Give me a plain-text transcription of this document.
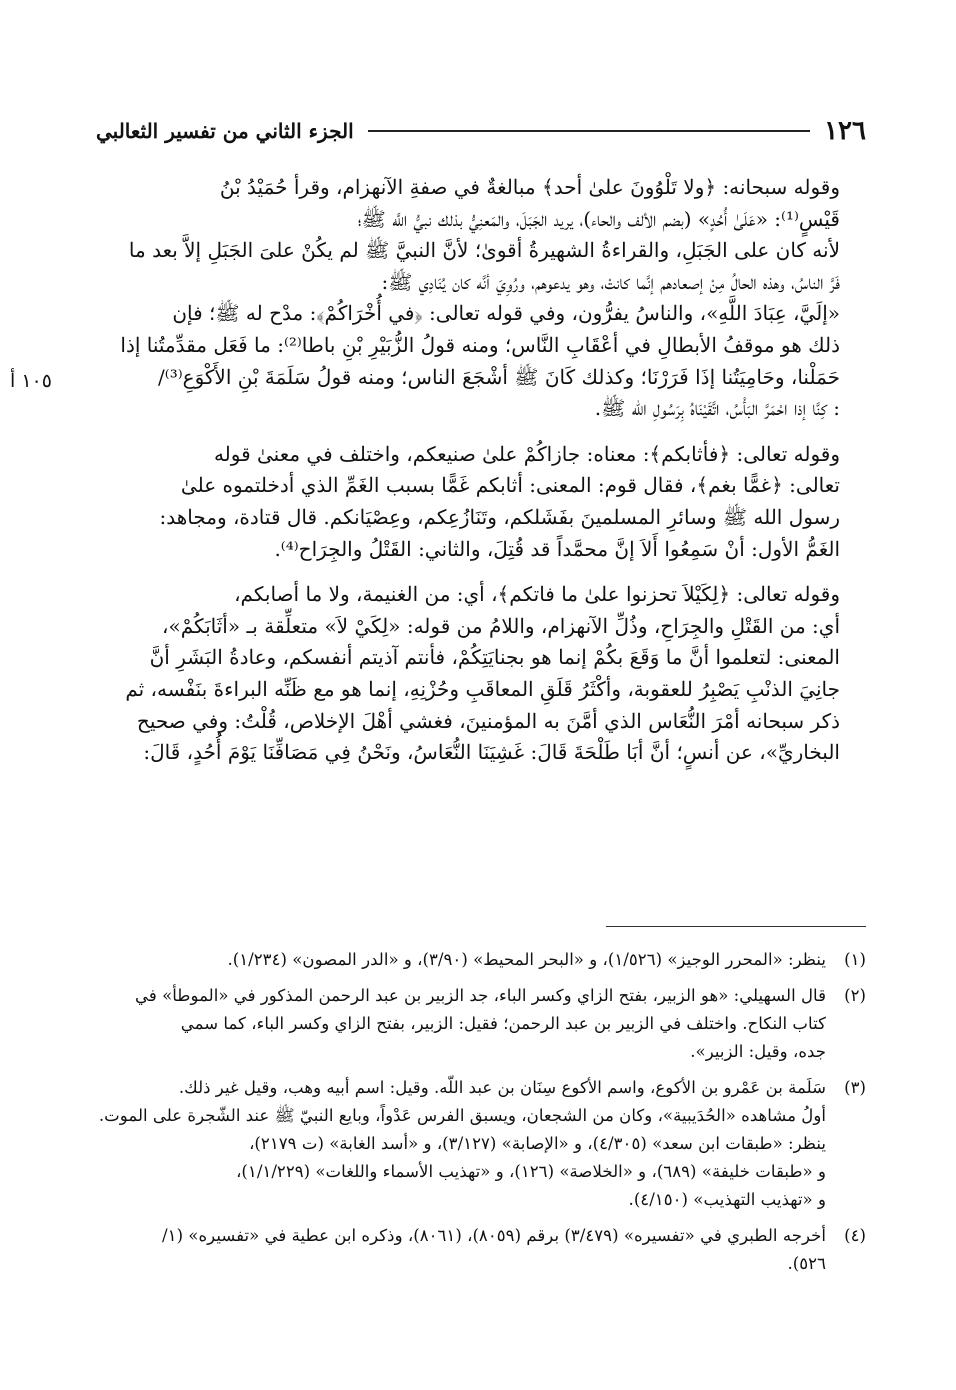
١٢٦
الجزء الثاني من تفسير الثعالبي
١٠٥ أ

وقوله سبحانه: ﴿ولا تَلْوُونَ علىٰ أحد﴾ مبالغةٌ في صفةِ الآنهزام، وقرأ حُمَيْدُ بْنُ

قَيْسٍ⁽¹⁾: «عَلَىٰ أُحُدٍ» (بضم الألف والحاء)، يريد الجَبَلَ، والمَعنِيُّ بذلك نبيُّ اللَّه ﷺ؛

لأنه كان على الجَبَلِ، والقراءةُ الشهيرةُ أقوىٰ؛ لأنَّ النبيَّ ﷺ لم يكُنْ علىَ الجَبَلِ إلاَّ بعد ما

فَرَّ الناسُ، وهذه الحالُ مِنْ إصعادهم إنَّما كانتْ، وهو يدعوهم، ورُوِيَ أنَّه كان يُنَادِي ﷺ:

«إلَيَّ، عِبَادَ اللَّهِ»، والناسُ يفرُّون، وفي قوله تعالى: ﴿في أُخْرَاكُمْ﴾: مدْح له ﷺ؛ فإن

ذلك هو موقفُ الأبطالِ في أعْقَابِ النَّاس؛ ومنه قولُ الزُّبَيْرِ بْنِ باطا⁽²⁾: ما فَعَل مقدِّمتُنا إذا

حَمَلْنا، وحَامِيَتُنا إذَا فَرَرْنَا؛ وكذلك كَانَ ﷺ أشْجَعَ الناس؛ ومنه قولُ سَلَمَةَ بْنِ الأَكْوَعِ⁽³⁾/

: كِنَّا إذا احْمَرَّ البَأْسُ، اتَّقَيْنَاهُ بِرَسُولِ الله ﷺ.

وقوله تعالى: ﴿فأثابكم﴾: معناه: جازاكُمْ علىٰ صنيعكم، واختلف في معنىٰ قوله

تعالى: ﴿غمًّا بغم﴾، فقال قوم: المعنى: أثابكم غَمًّا بسبب الغَمِّ الذي أدخلتموه علىٰ

رسول الله ﷺ وسائرِ المسلمينَ بفَشَلكم، وتَنَازُعِكم، وعِصْيَانكم. قال قتادة، ومجاهد:

الغَمُّ الأول: أنْ سَمِعُوا أَلاَ إنَّ محمَّداً قد قُتِلَ، والثاني: القَتْلُ والجِرَاح⁽⁴⁾.

وقوله تعالى: ﴿لِكَيْلاَ تحزنوا علىٰ ما فاتكم﴾، أي: من الغنيمة، ولا ما أصابكم،

أي: من القَتْلِ والجِرَاحِ، وذُلِّ الآنهزام، واللامُ من قوله: «لِكَيْ لاَ» متعلِّقة بـ «أثَابَكُمْ»،

المعنى: لتعلموا أنَّ ما وَقَعَ بكُمْ إنما هو بجنايَتِكُمْ، فأنتم آذيتم أنفسكم، وعادةُ البَشَرِ أنَّ

جانِيَ الذنْبِ يَصْبِرُ للعقوبة، وأكْثَرُ قَلَقِ المعاقَبِ وحُزْنِهِ، إنما هو مع ظَنِّه البراءةَ بنَفْسه، ثم

ذكر سبحانه أمْرَ النُّعَاس الذي أمَّنَ به المؤمنينَ، فغشي أهْلَ الإخلاص، قُلْتُ: وفي صحيح

البخاريِّ»، عن أنسٍ؛ أنَّ أبَا طَلْحَةَ قَالَ: غَشِيَنَا النُّعَاسُ، ونَحْنُ فِي مَصَافِّنَا يَوْمَ أُحُدٍ، قَالَ:

(١)
ينظر: «المحرر الوجيز» (١/٥٢٦)، و «البحر المحيط» (٣/٩٠)، و «الدر المصون» (١/٢٣٤).
(٢)
قال السهيلي: «هو الزبير، بفتح الزاي وكسر الباء، جد الزبير بن عبد الرحمن المذكور في «الموطأ» في
كتاب النكاح. واختلف في الزبير بن عبد الرحمن؛ فقيل: الزبير، بفتح الزاي وكسر الباء، كما سمي
جده، وقيل: الزبير».
(٣)
سَلَمة بن عَمْرو بن الأكوع، واسم الأكوع سِنَان بن عبد اللّه. وقيل: اسم أبيه وهب، وقيل غير ذلك.
أولُ مشاهده «الحُدَيبية»، وكان من الشجعان، ويسبق الفرس عَدْواً، وبايع النبيّ ﷺ عند الشّجرة على الموت.
ينظر: «طبقات ابن سعد» (٤/٣٠٥)، و «الإصابة» (٣/١٢٧)، و «أسد الغابة» (ت ٢١٧٩)،
و «طبقات خليفة» (٦٨٩)، و «الخلاصة» (١٢٦)، و «تهذيب الأسماء واللغات» (١/١/٢٢٩)،
و «تهذيب التهذيب» (٤/١٥٠).
(٤)
أخرجه الطبري في «تفسيره» (٣/٤٧٩) برقم (٨٠٥٩)، (٨٠٦١)، وذكره ابن عطية في «تفسيره» (١/
٥٢٦).
